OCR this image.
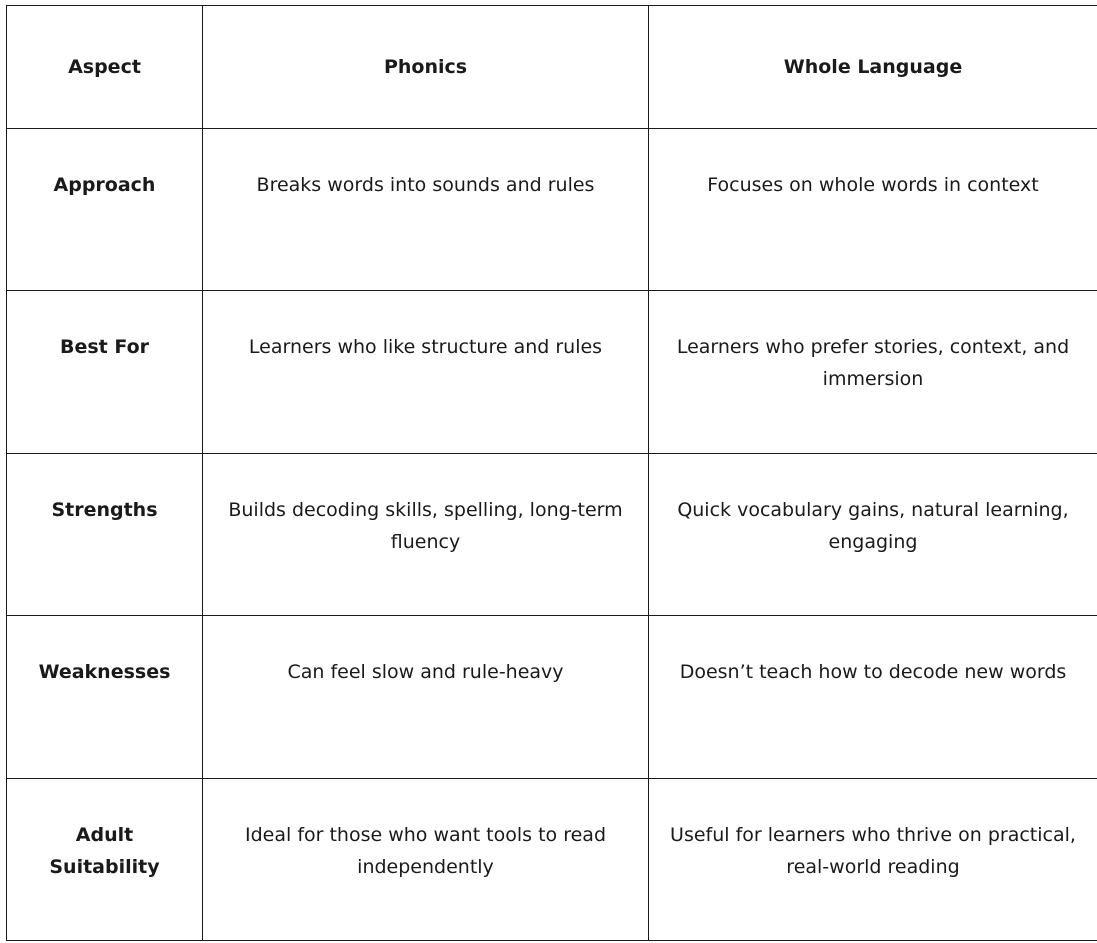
Aspect	Phonics	Whole Language
Approach	Breaks words into sounds and rules	Focuses on whole words in context
Best For	Learners who like structure and rules	Learners who prefer stories, context, and immersion
Strengths	Builds decoding skills, spelling, long-term fluency	Quick vocabulary gains, natural learning, engaging
Weaknesses	Can feel slow and rule-heavy	Doesn’t teach how to decode new words
Adult Suitability	Ideal for those who want tools to read independently	Useful for learners who thrive on practical, real-world reading
